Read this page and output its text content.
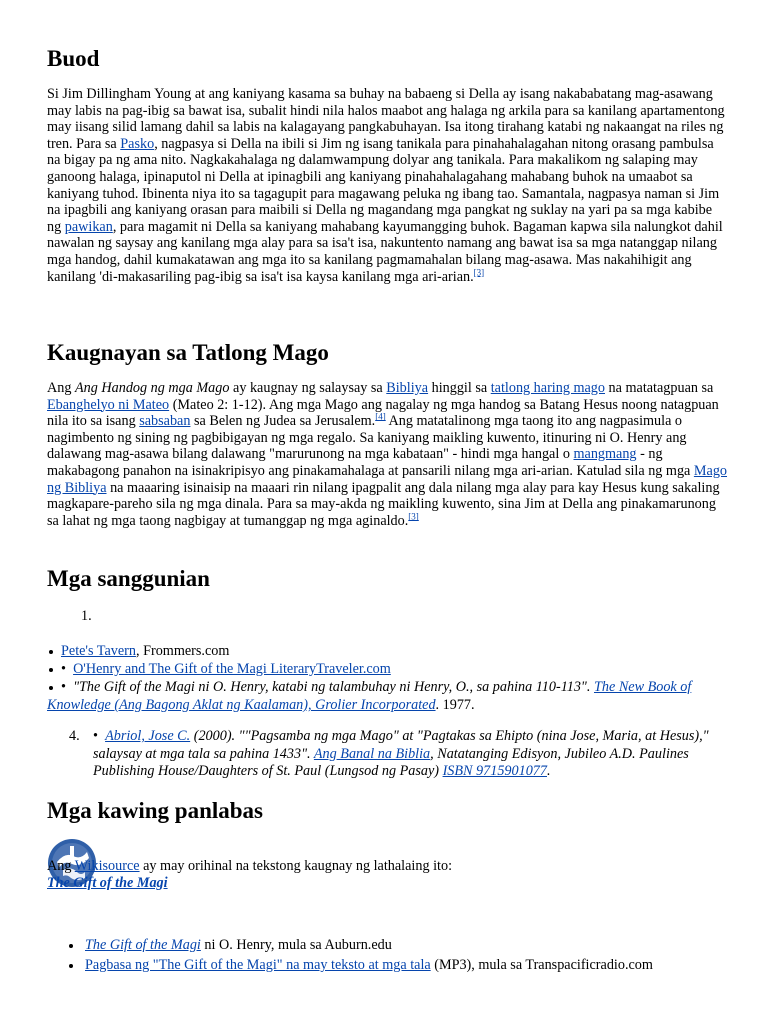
Buod

Si Jim Dillingham Young at ang kaniyang kasama sa buhay na babaeng si Della ay isang nakababatang mag-asawang may labis na pag-ibig sa bawat isa, subalit hindi nila halos maabot ang halaga ng arkila para sa kanilang apartamentong may iisang silid lamang dahil sa labis na kalagayang pangkabuhayan. Isa itong tirahang katabi ng nakaangat na riles ng tren. Para sa Pasko, nagpasya si Della na ibili si Jim ng isang tanikala para pinahahalagahan nitong orasang pambulsa na bigay pa ng ama nito. Nagkakahalaga ng dalamwampung dolyar ang tanikala. Para makalikom ng salaping may ganoong halaga, ipinaputol ni Della at ipinagbili ang kaniyang pinahahalagahang mahabang buhok na umaabot sa kaniyang tuhod. Ibinenta niya ito sa tagagupit para magawang peluka ng ibang tao. Samantala, nagpasya naman si Jim na ipagbili ang kaniyang orasan para maibili si Della ng magandang mga pangkat ng suklay na yari pa sa mga kabibe ng pawikan, para magamit ni Della sa kaniyang mahabang kayumangging buhok. Bagaman kapwa sila nalungkot dahil nawalan ng saysay ang kanilang mga alay para sa isa't isa, nakuntento namang ang bawat isa sa mga natanggap nilang mga handog, dahil kumakatawan ang mga ito sa kanilang pagmamahalan bilang mag-asawa. Mas nakahihigit ang kanilang 'di-makasariling pag-ibig sa isa't isa kaysa kanilang mga ari-arian.[3]

Kaugnayan sa Tatlong Mago

Ang Ang Handog ng mga Mago ay kaugnay ng salaysay sa Bibliya hinggil sa tatlong haring mago na matatagpuan sa Ebanghelyo ni Mateo (Mateo 2: 1-12). Ang mga Mago ang nagalay ng mga handog sa Batang Hesus noong natagpuan nila ito sa isang sabsaban sa Belen ng Judea sa Jerusalem.[4] Ang matatalinong mga taong ito ang nagpasimula o nagimbento ng sining ng pagbibigayan ng mga regalo. Sa kaniyang maikling kuwento, itinuring ni O. Henry ang dalawang mag-asawa bilang dalawang "marurunong na mga kabataan" - hindi mga hangal o mangmang - ng makabagong panahon na isinakripisyo ang pinakamahalaga at pansarili nilang mga ari-arian. Katulad sila ng mga Mago ng Bibliya na maaaring isinaisip na maaari rin nilang ipagpalit ang dala nilang mga alay para kay Hesus kung sakaling magkapare-pareho sila ng mga dinala. Para sa may-akda ng maikling kuwento, sina Jim at Della ang pinakamarunong sa lahat ng mga taong nagbigay at tumanggap ng mga aginaldo.[3]

Mga sanggunian
1.
Pete's Tavern, Frommers.com
• O'Henry and The Gift of the Magi LiteraryTraveler.com
• "The Gift of the Magi ni O. Henry, katabi ng talambuhay ni Henry, O., sa pahina 110-113". The New Book of Knowledge (Ang Bagong Aklat ng Kaalaman), Grolier Incorporated. 1977.
4. • Abriol, Jose C. (2000). ""Pagsamba ng mga Mago" at "Pagtakas sa Ehipto (nina Jose, Maria, at Hesus)," salaysay at mga tala sa pahina 1433". Ang Banal na Biblia, Natatanging Edisyon, Jubileo A.D. Paulines Publishing House/Daughters of St. Paul (Lungsod ng Pasay) ISBN 9715901077.
Mga kawing panlabas

Ang Wikisource ay may orihinal na tekstong kaugnay ng lathalaing ito:
The Gift of the Magi

The Gift of the Magi ni O. Henry, mula sa Auburn.edu
Pagbasa ng "The Gift of the Magi" na may teksto at mga tala (MP3), mula sa Transpacificradio.com
